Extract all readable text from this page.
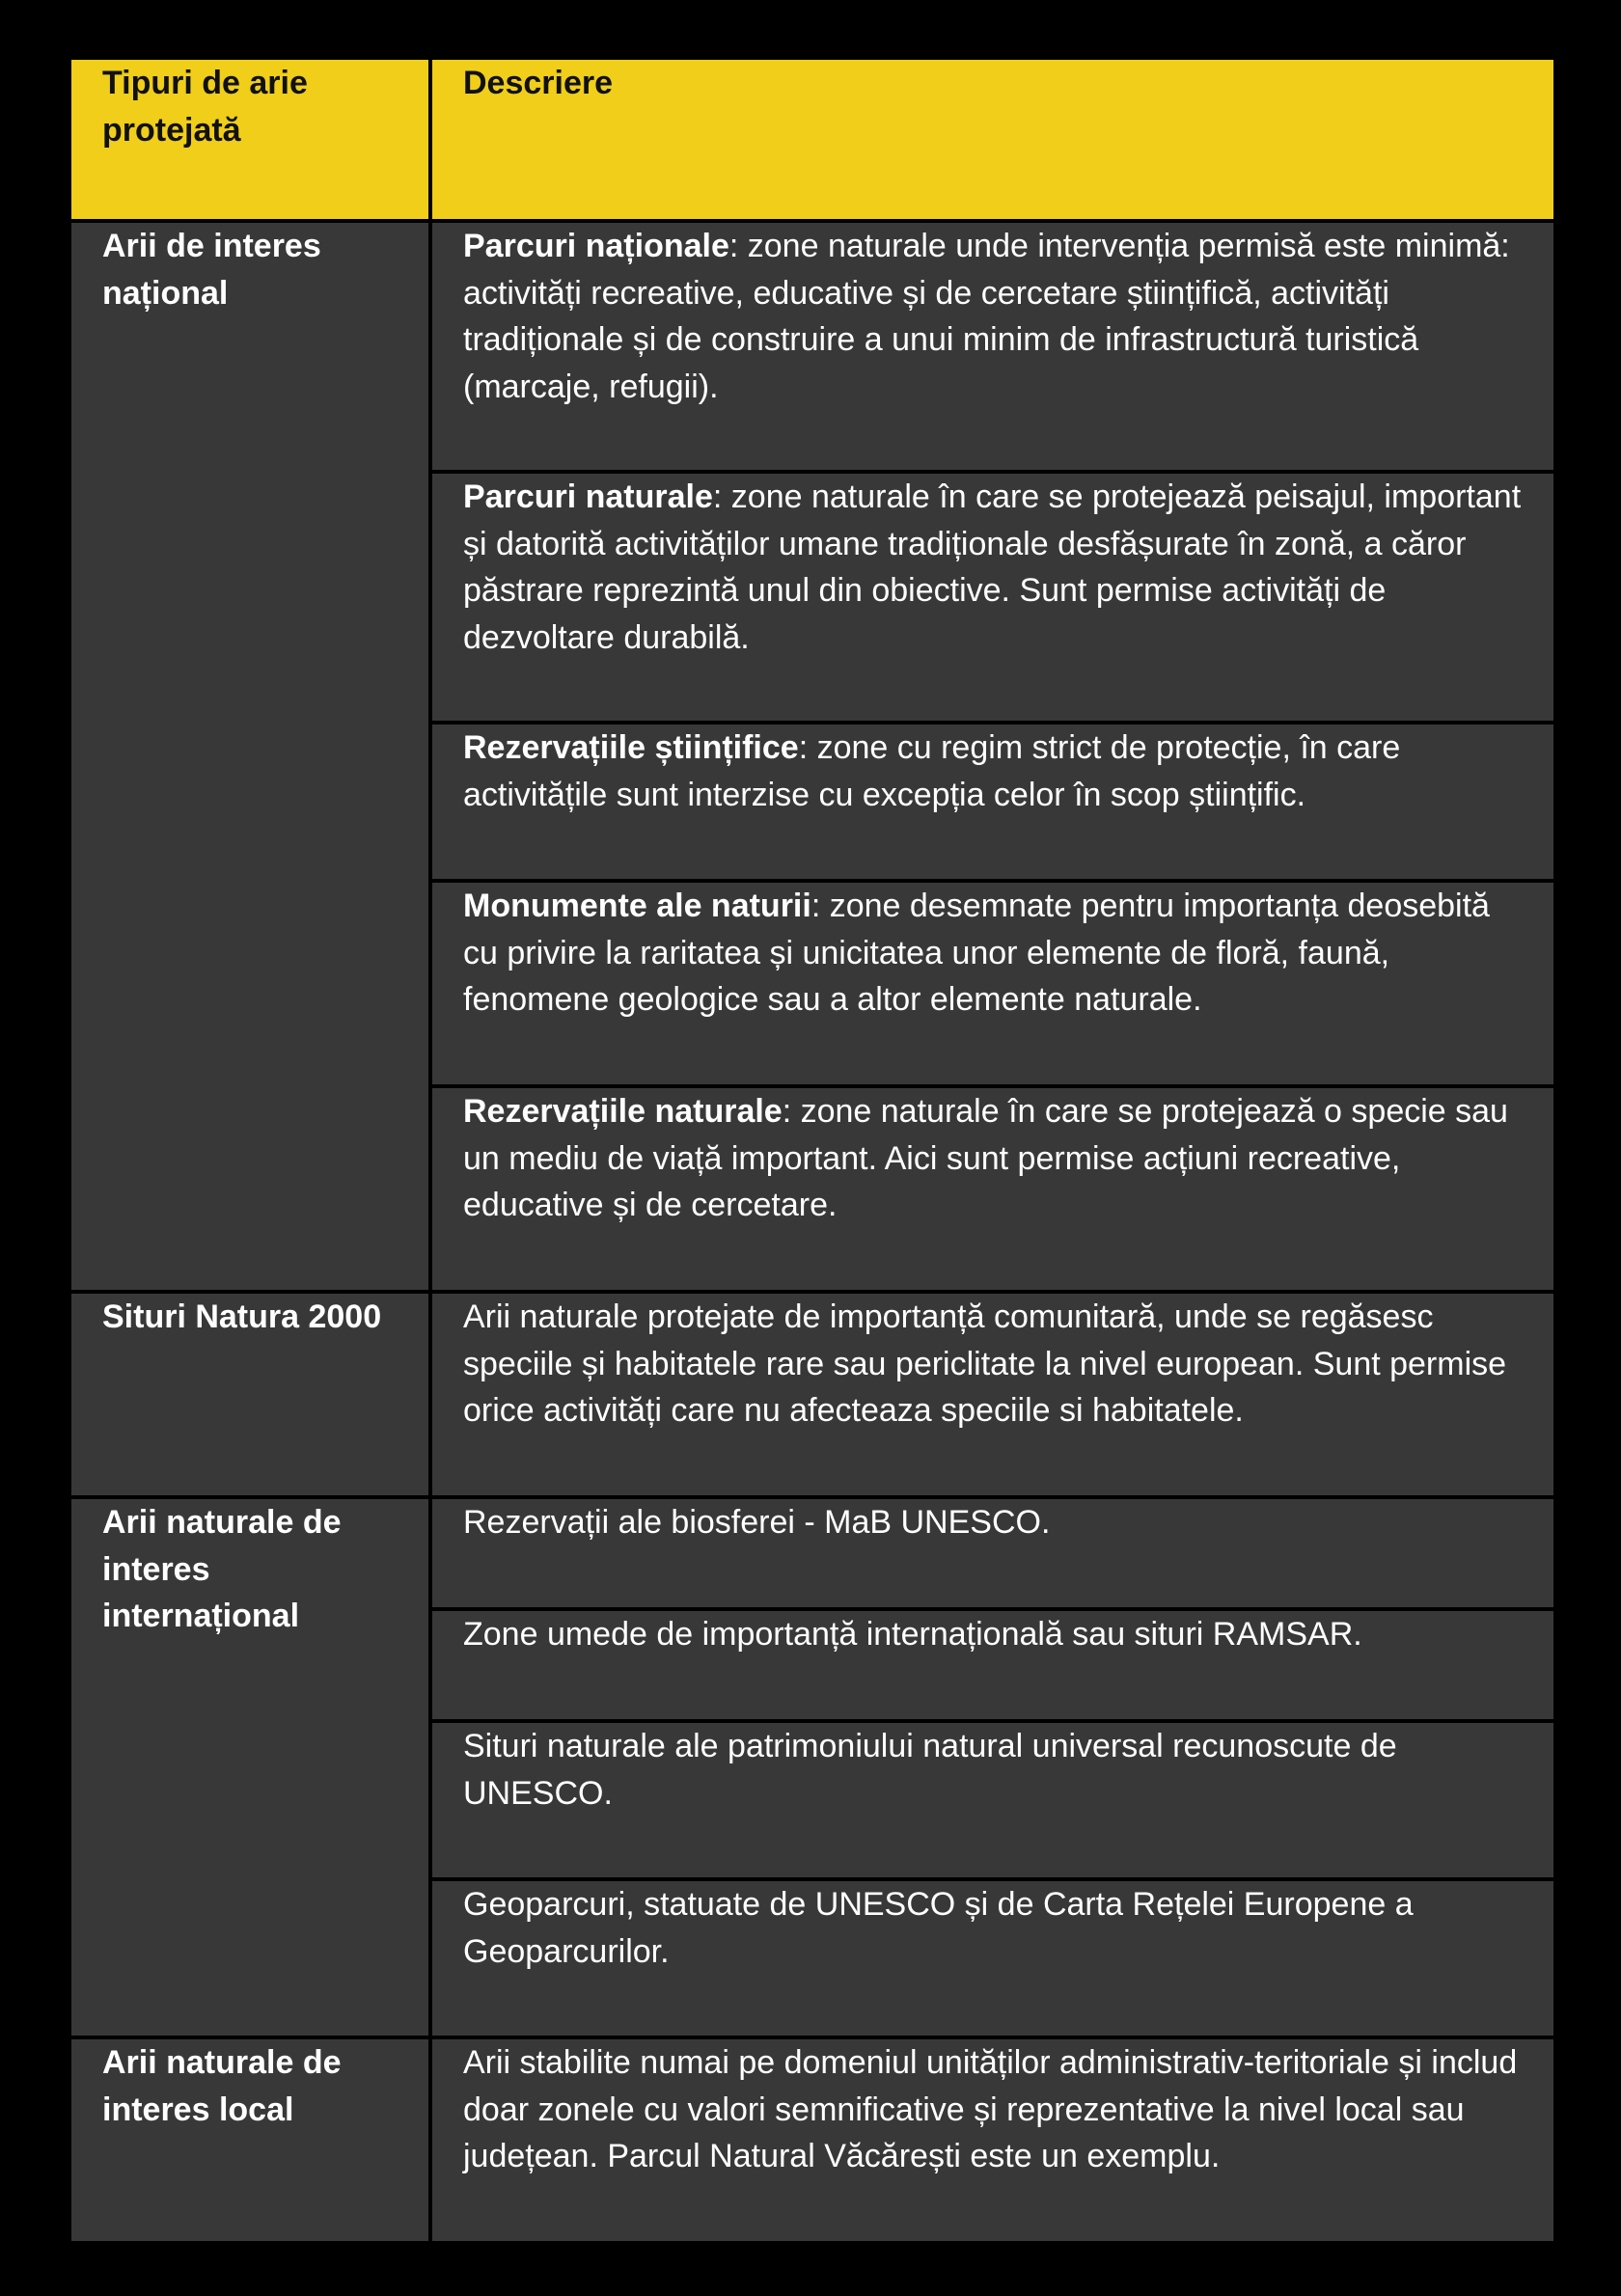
Tipuri de arie protejată	Descriere
Arii de interes național	Parcuri naționale: zone naturale unde intervenția permisă este minimă: activități recreative, educative și de cercetare științifică, activități tradiționale și de construire a unui minim de infrastructură turistică (marcaje, refugii).
	Parcuri naturale: zone naturale în care se protejează peisajul, important și datorită activităților umane tradiționale desfășurate în zonă, a căror păstrare reprezintă unul din obiective. Sunt permise activități de dezvoltare durabilă.
	Rezervațiile științifice: zone cu regim strict de protecție, în care activitățile sunt interzise cu excepția celor în scop științific.
	Monumente ale naturii: zone desemnate pentru importanța deosebită cu privire la raritatea și unicitatea unor elemente de floră, faună, fenomene geologice sau a altor elemente naturale.
	Rezervațiile naturale: zone naturale în care se protejează o specie sau un mediu de viață important. Aici sunt permise acțiuni recreative, educative și de cercetare.
Situri Natura 2000	Arii naturale protejate de importanță comunitară, unde se regăsesc speciile și habitatele rare sau periclitate la nivel european. Sunt permise orice activități care nu afecteaza speciile si habitatele.
Arii naturale de interes internațional	Rezervații ale biosferei - MaB UNESCO.
	Zone umede de importanță internațională sau situri RAMSAR.
	Situri naturale ale patrimoniului natural universal recunoscute de UNESCO.
	Geoparcuri, statuate de UNESCO și de Carta Rețelei Europene a Geoparcurilor.
Arii naturale de interes local	Arii stabilite numai pe domeniul unităților administrativ-teritoriale și includ doar zonele cu valori semnificative și reprezentative la nivel local sau județean. Parcul Natural Văcărești este un exemplu.
